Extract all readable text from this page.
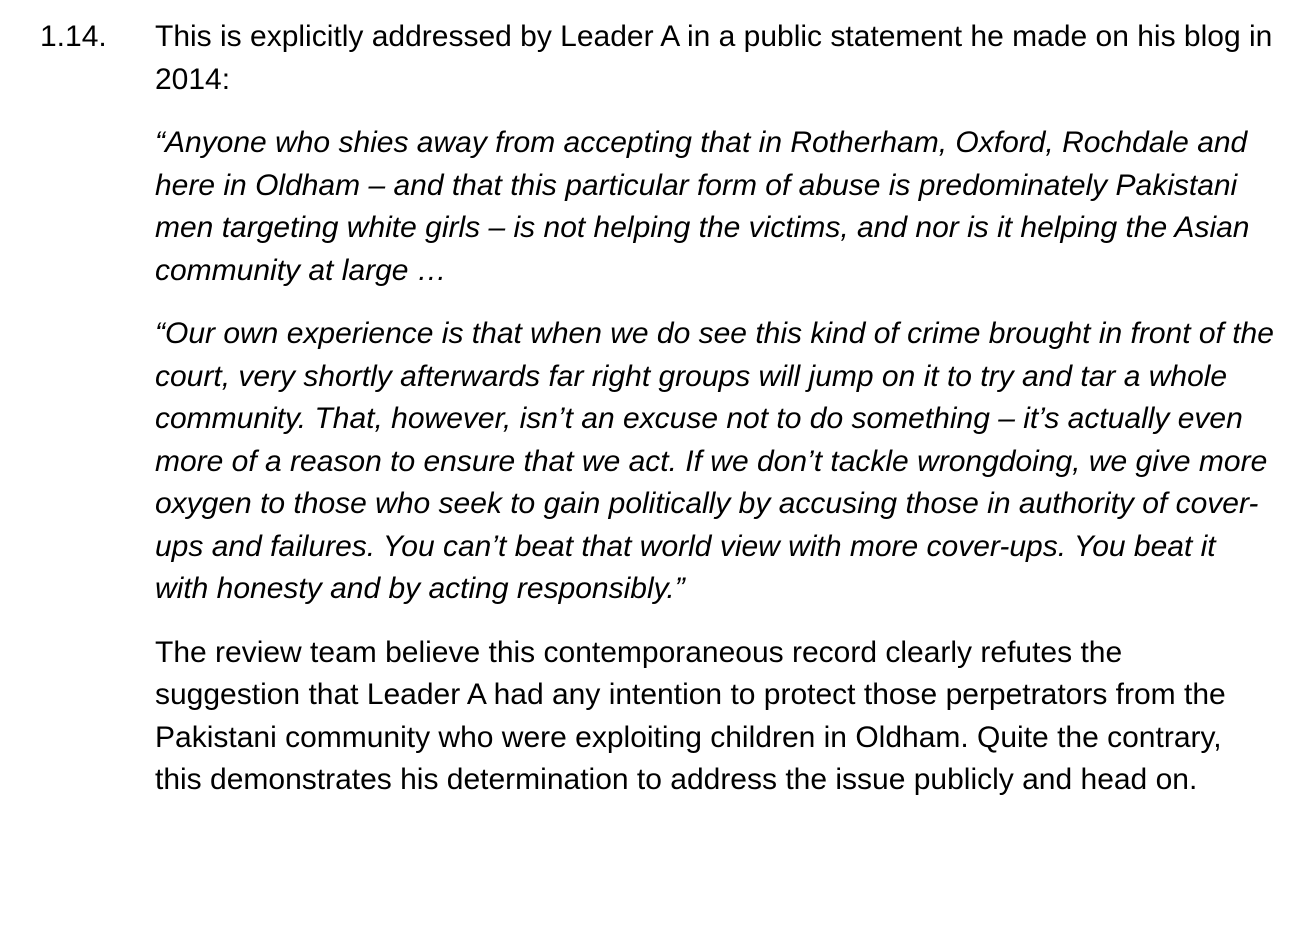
1.14. This is explicitly addressed by Leader A in a public statement he made on his blog in 2014:

“Anyone who shies away from accepting that in Rotherham, Oxford, Rochdale and here in Oldham – and that this particular form of abuse is predominately Pakistani men targeting white girls – is not helping the victims, and nor is it helping the Asian community at large …

“Our own experience is that when we do see this kind of crime brought in front of the court, very shortly afterwards far right groups will jump on it to try and tar a whole community. That, however, isn’t an excuse not to do something – it’s actually even more of a reason to ensure that we act. If we don’t tackle wrongdoing, we give more oxygen to those who seek to gain politically by accusing those in authority of cover-ups and failures. You can’t beat that world view with more cover-ups. You beat it with honesty and by acting responsibly.”

The review team believe this contemporaneous record clearly refutes the suggestion that Leader A had any intention to protect those perpetrators from the Pakistani community who were exploiting children in Oldham. Quite the contrary, this demonstrates his determination to address the issue publicly and head on.
